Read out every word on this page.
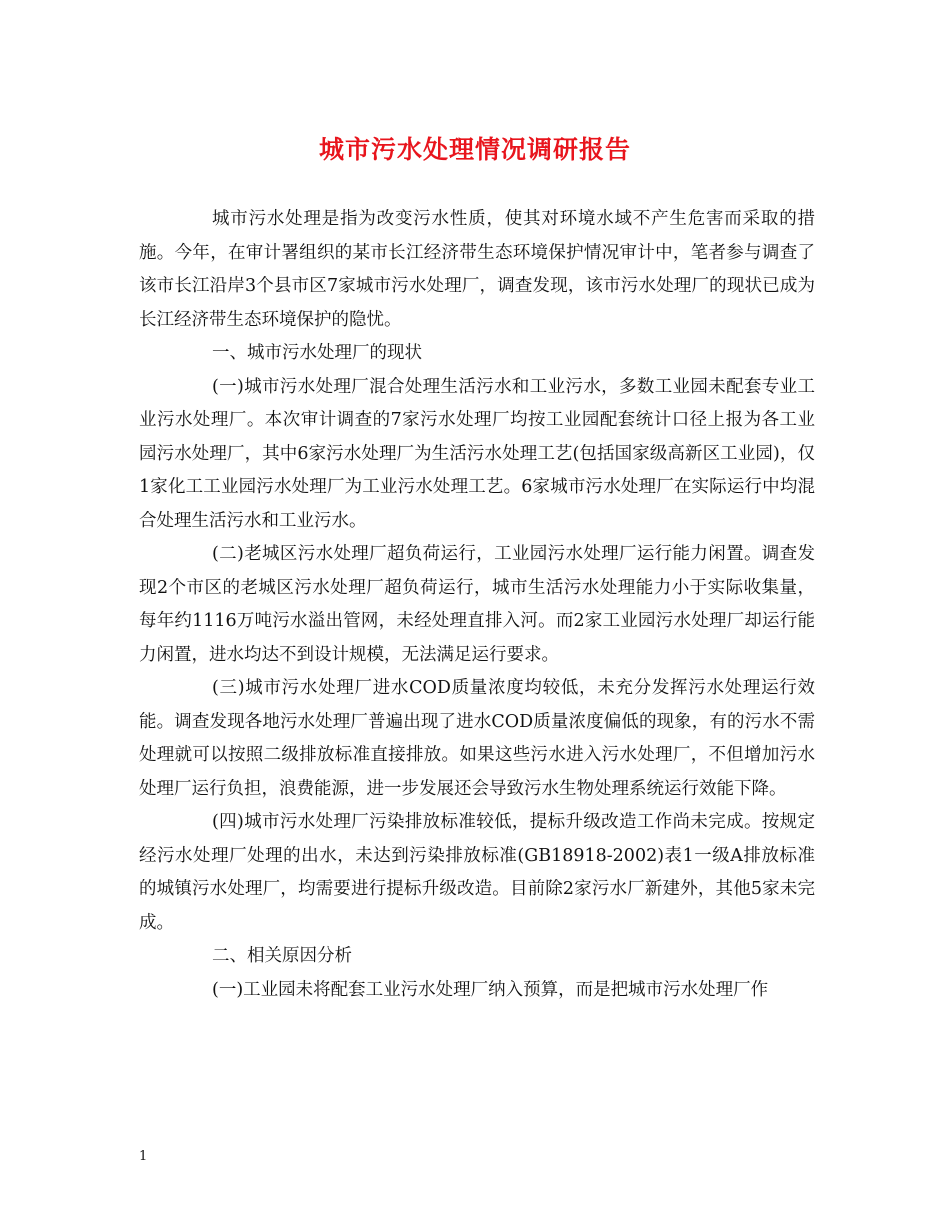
城市污水处理情况调研报告

城市污水处理是指为改变污水性质，使其对环境水域不产生危害而采取的措施。今年，在审计署组织的某市长江经济带生态环境保护情况审计中，笔者参与调查了该市长江沿岸3个县市区7家城市污水处理厂，调查发现，该市污水处理厂的现状已成为长江经济带生态环境保护的隐忧。

一、城市污水处理厂的现状

(一)城市污水处理厂混合处理生活污水和工业污水，多数工业园未配套专业工业污水处理厂。本次审计调查的7家污水处理厂均按工业园配套统计口径上报为各工业园污水处理厂，其中6家污水处理厂为生活污水处理工艺(包括国家级高新区工业园)，仅1家化工工业园污水处理厂为工业污水处理工艺。6家城市污水处理厂在实际运行中均混合处理生活污水和工业污水。

(二)老城区污水处理厂超负荷运行，工业园污水处理厂运行能力闲置。调查发现2个市区的老城区污水处理厂超负荷运行，城市生活污水处理能力小于实际收集量，每年约1116万吨污水溢出管网，未经处理直排入河。而2家工业园污水处理厂却运行能力闲置，进水均达不到设计规模，无法满足运行要求。

(三)城市污水处理厂进水COD质量浓度均较低，未充分发挥污水处理运行效能。调查发现各地污水处理厂普遍出现了进水COD质量浓度偏低的现象，有的污水不需处理就可以按照二级排放标准直接排放。如果这些污水进入污水处理厂，不但增加污水处理厂运行负担，浪费能源，进一步发展还会导致污水生物处理系统运行效能下降。

(四)城市污水处理厂污染排放标准较低，提标升级改造工作尚未完成。按规定经污水处理厂处理的出水，未达到污染排放标准(GB18918-2002)表1一级A排放标准的城镇污水处理厂，均需要进行提标升级改造。目前除2家污水厂新建外，其他5家未完成。

二、相关原因分析

(一)工业园未将配套工业污水处理厂纳入预算，而是把城市污水处理厂作

1
